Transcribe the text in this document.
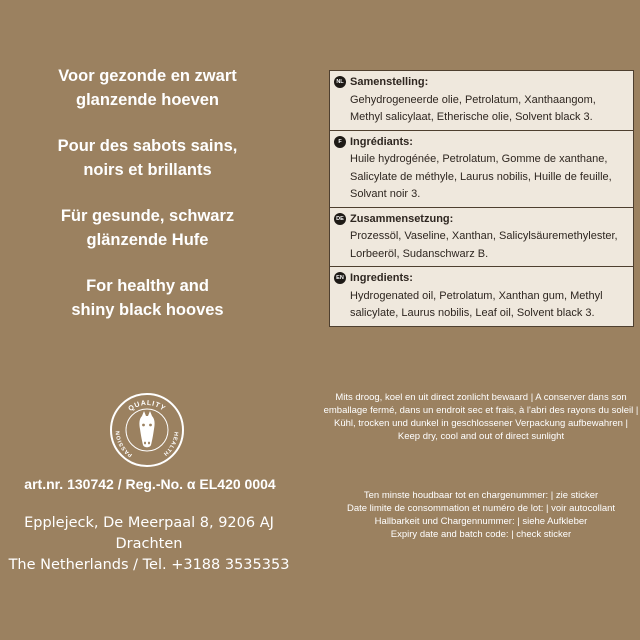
Voor gezonde en zwart
glanzende hoeven
Pour des sabots sains,
noirs et brillants
Für gesunde, schwarz
glänzende Hufe
For healthy and
shiny black hooves
NL Samenstelling:
Gehydrogeneerde olie, Petrolatum, Xanthaangom, Methyl salicylaat, Etherische olie, Solvent black 3.
F Ingrédiants:
Huile hydrogénée, Petrolatum, Gomme de xanthane, Salicylate de méthyle, Laurus nobilis, Huille de feuille, Solvant noir 3.
DE Zusammensetzung:
Prozessöl, Vaseline, Xanthan, Salicylsäuremethylester, Lorbeeröl, Sudanschwarz B.
EN Ingredients:
Hydrogenated oil, Petrolatum, Xanthan gum, Methyl salicylate, Laurus nobilis, Leaf oil, Solvent black 3.
QUALITY
PASSION	HEALTH
art.nr. 130742 / Reg.-No. α EL420 0004
Epplejeck, De Meerpaal 8, 9206 AJ Drachten
The Netherlands / Tel. +3188 3535353
Mits droog, koel en uit direct zonlicht bewaard | A conserver dans son
emballage fermé, dans un endroit sec et frais, à l'abri des rayons du soleil |
Kühl, trocken und dunkel in geschlossener Verpackung aufbewahren |
Keep dry, cool and out of direct sunlight
Ten minste houdbaar tot en chargenummer: | zie sticker
Date limite de consommation et numéro de lot: | voir autocollant
Hallbarkeit und Chargennummer: | siehe Aufkleber
Expiry date and batch code: | check sticker
